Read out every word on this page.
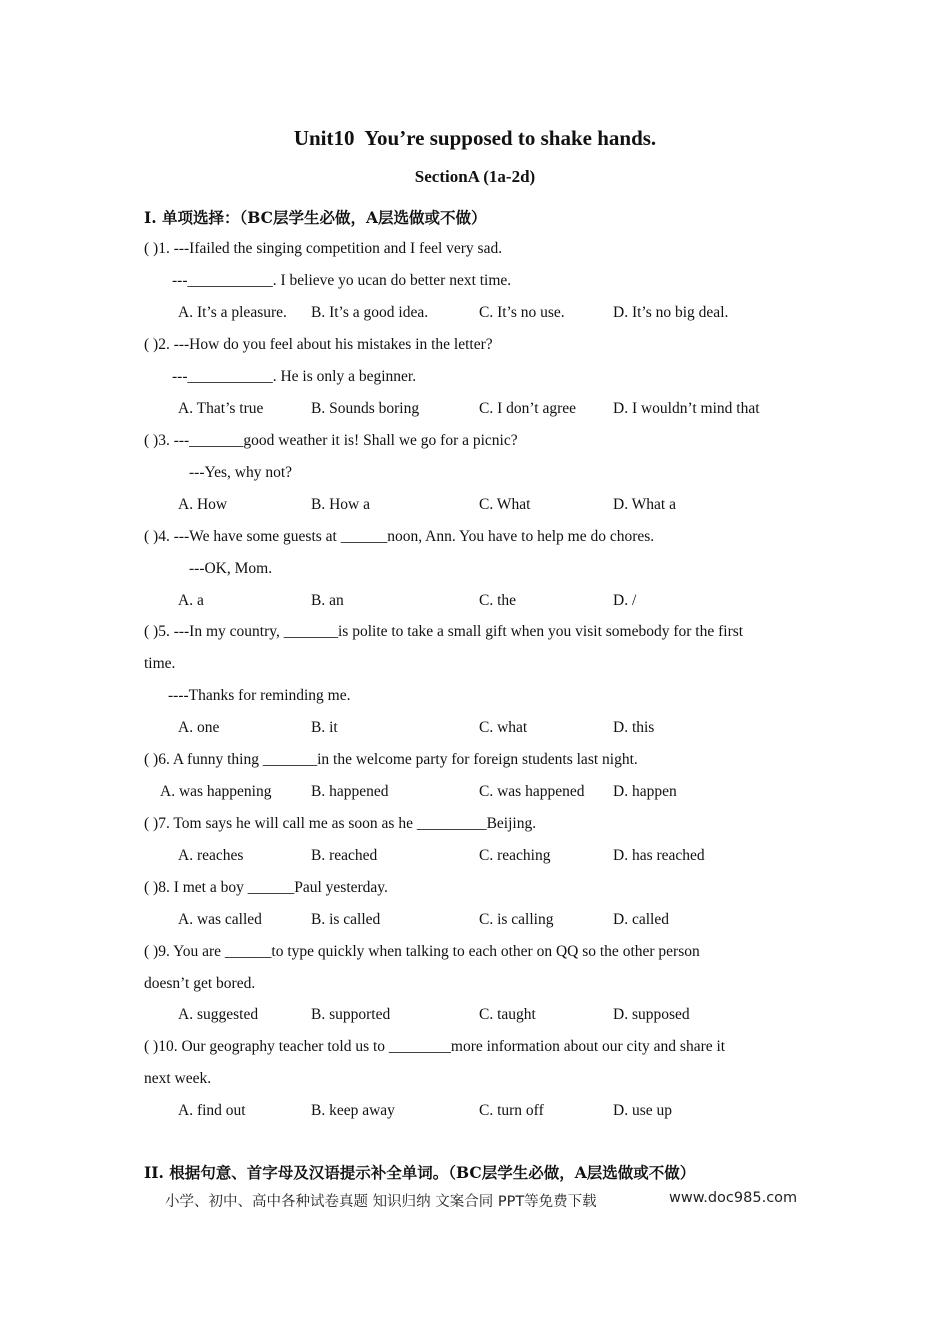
Unit10  You’re supposed to shake hands.
SectionA (1a-2d)
I. 单项选择：（BC层学生必做，A层选做或不做）
( )1. ---Ifailed the singing competition and I feel very sad.
---___________. I believe yo ucan do better next time.
A. It’s a pleasure. B. It’s a good idea.	C. It’s no use.	D. It’s no big deal.
( )2. ---How do you feel about his mistakes in the letter?
---___________. He is only a beginner.
A. That’s true	B. Sounds boring	C. I don’t agree D. I wouldn’t mind that
( )3. ---_______good weather it is! Shall we go for a picnic?
---Yes, why not?
A. How	B. How a	C. What	D. What a
( )4. ---We have some guests at ______noon, Ann. You have to help me do chores.
---OK, Mom.
A. a	B. an	C. the	D. /
( )5. ---In my country, _______is polite to take a small gift when you visit somebody for the first
time.
----Thanks for reminding me.
A. one	B. it	C. what	D. this
( )6. A funny thing _______in the welcome party for foreign students last night.
A. was happening	B. happened	C. was happened D. happen
( )7. Tom says he will call me as soon as he _________Beijing.
A. reaches	B. reached	C. reaching	D. has reached
( )8. I met a boy ______Paul yesterday.
A. was called	B. is called	C. is calling	D. called
( )9. You are ______to type quickly when talking to each other on QQ so the other person
doesn’t get bored.
A. suggested	B. supported	C. taught	D. supposed
( )10. Our geography teacher told us to ________more information about our city and share it
next week.
A. find out	B. keep away	C. turn off	D. use up
II. 根据句意、首字母及汉语提示补全单词。（BC层学生必做，A层选做或不做）
小学、初中、高中各种试卷真题 知识归纳 文案合同 PPT等免费下载	www.doc985.com
